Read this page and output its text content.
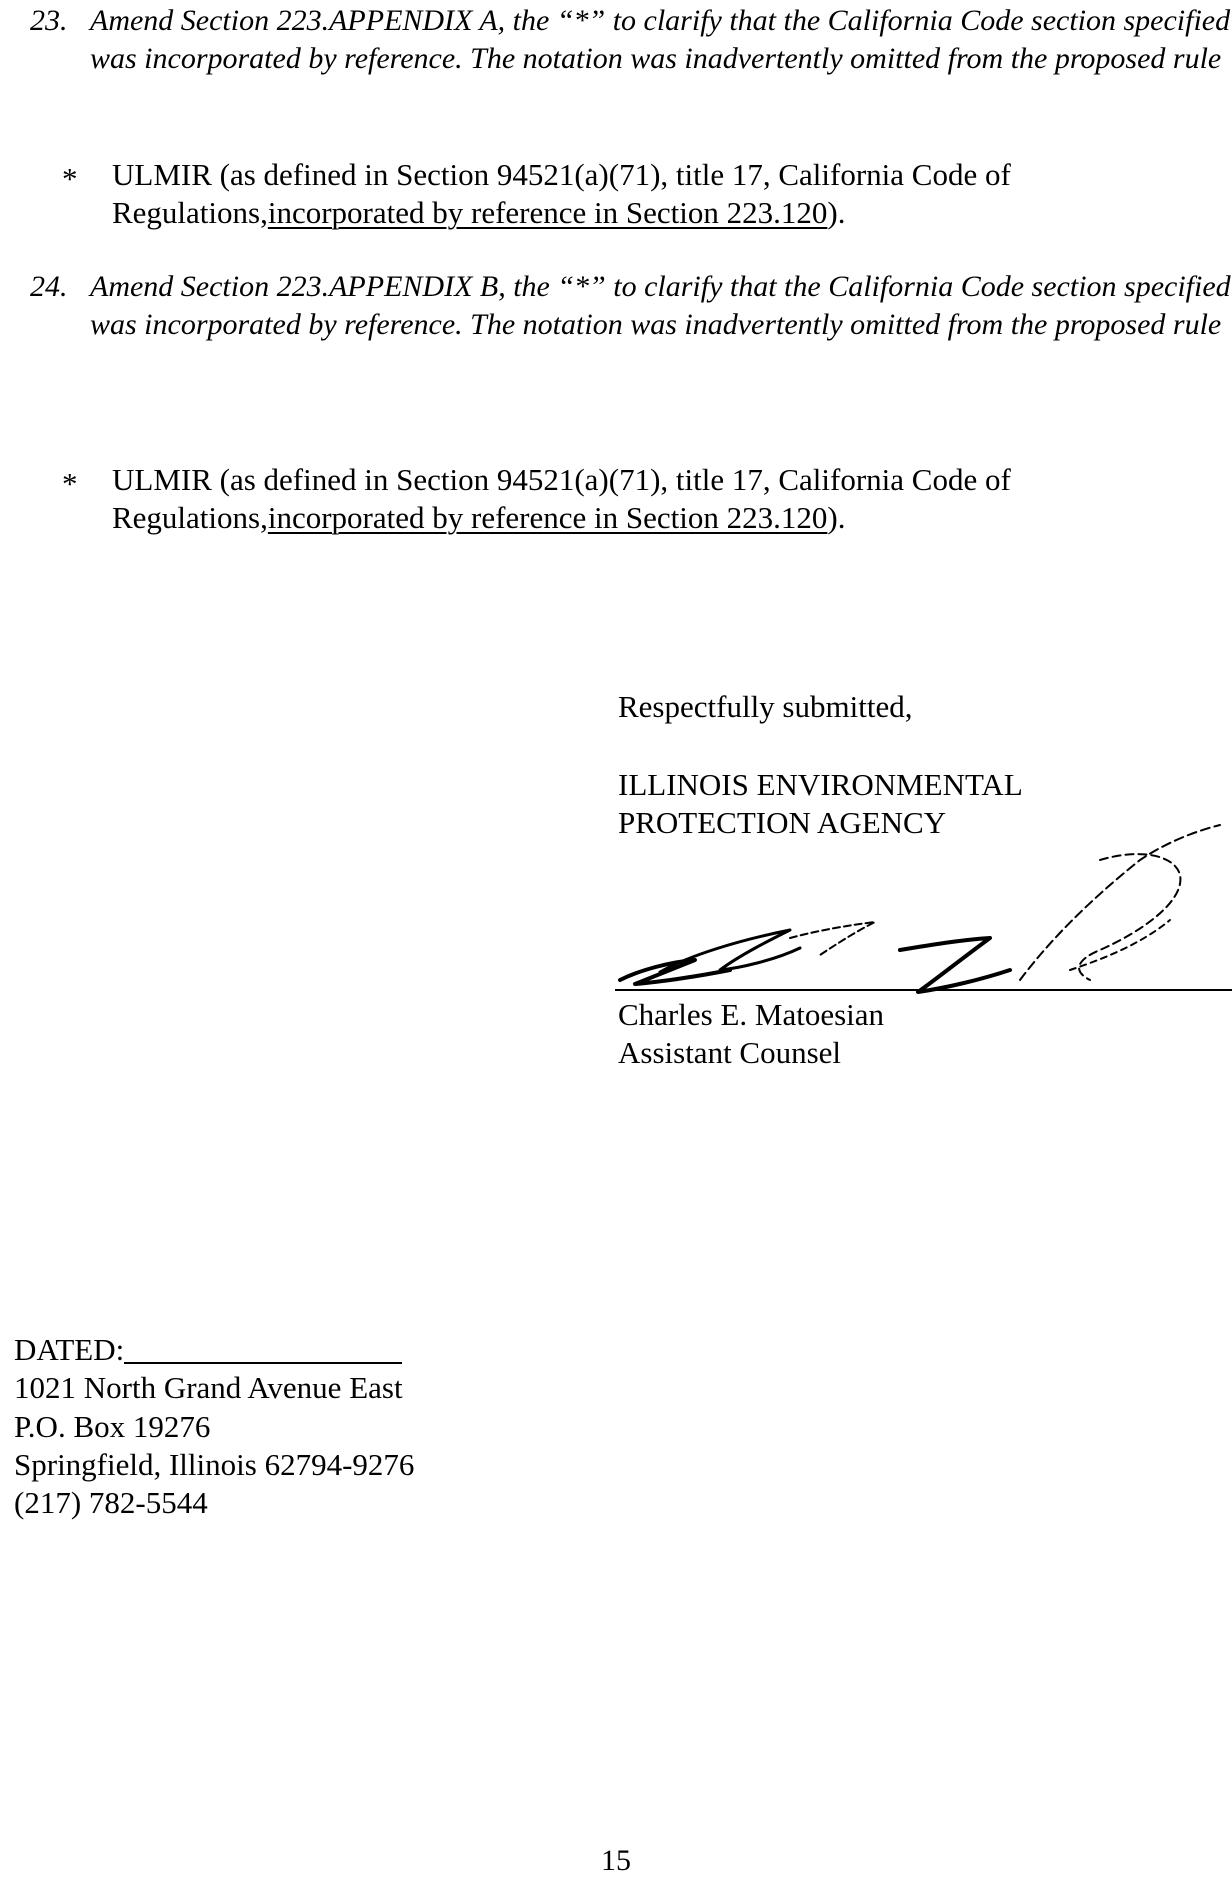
23. Amend Section 223.APPENDIX A, the “*” to clarify that the California Code section specified was incorporated by reference. The notation was inadvertently omitted from the proposed rule
* ULMIR (as defined in Section 94521(a)(71), title 17, California Code of Regulations,incorporated by reference in Section 223.120).
24. Amend Section 223.APPENDIX B, the “*” to clarify that the California Code section specified was incorporated by reference. The notation was inadvertently omitted from the proposed rule
* ULMIR (as defined in Section 94521(a)(71), title 17, California Code of Regulations,incorporated by reference in Section 223.120).
Respectfully submitted,
ILLINOIS ENVIRONMENTAL
PROTECTION AGENCY
Charles E. Matoesian
Assistant Counsel
DATED:
1021 North Grand Avenue East
P.O. Box 19276
Springfield, Illinois 62794-9276
(217) 782-5544
15
